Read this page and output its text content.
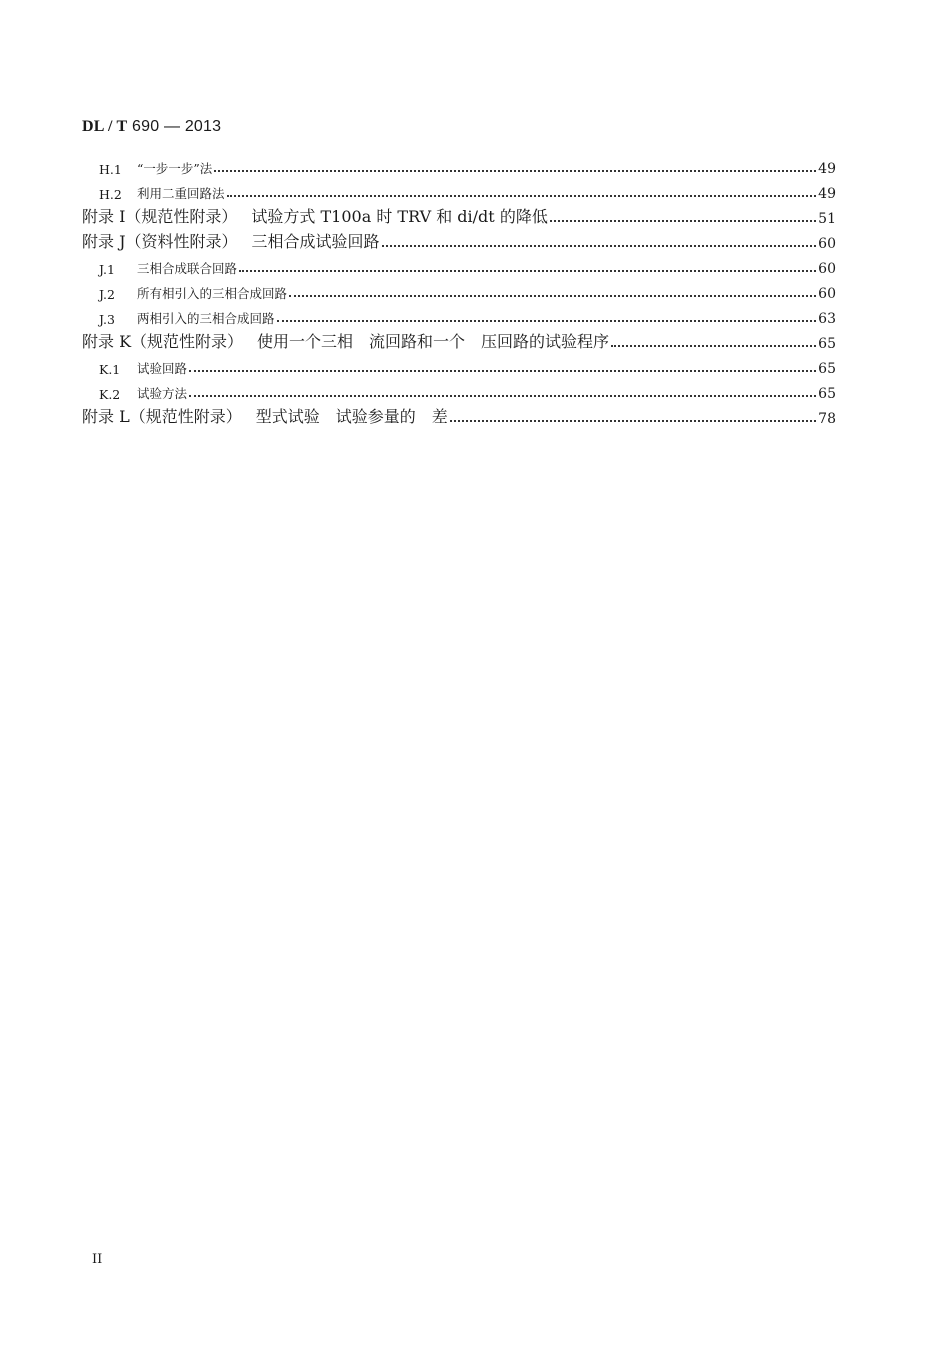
DL / T 690 — 2013
H.1 “一步一步”法	49
H.2 利用二重回路法	49
附录 I（规范性附录） 试验方式 T100a 时 TRV 和 di/dt 的降低	51
附录 J（资料性附录） 三相合成试验回路	60
J.1	三相合成联合回路	60
J.2	所有相引入的三相合成回路	60
J.3	两相引入的三相合成回路	63
附录 K（规范性附录） 使用一个三相　流回路和一个　压回路的试验程序	65
K.1 试验回路	65
K.2 试验方法	65
附录 L（规范性附录） 型式试验　试验参量的　差	78
II
